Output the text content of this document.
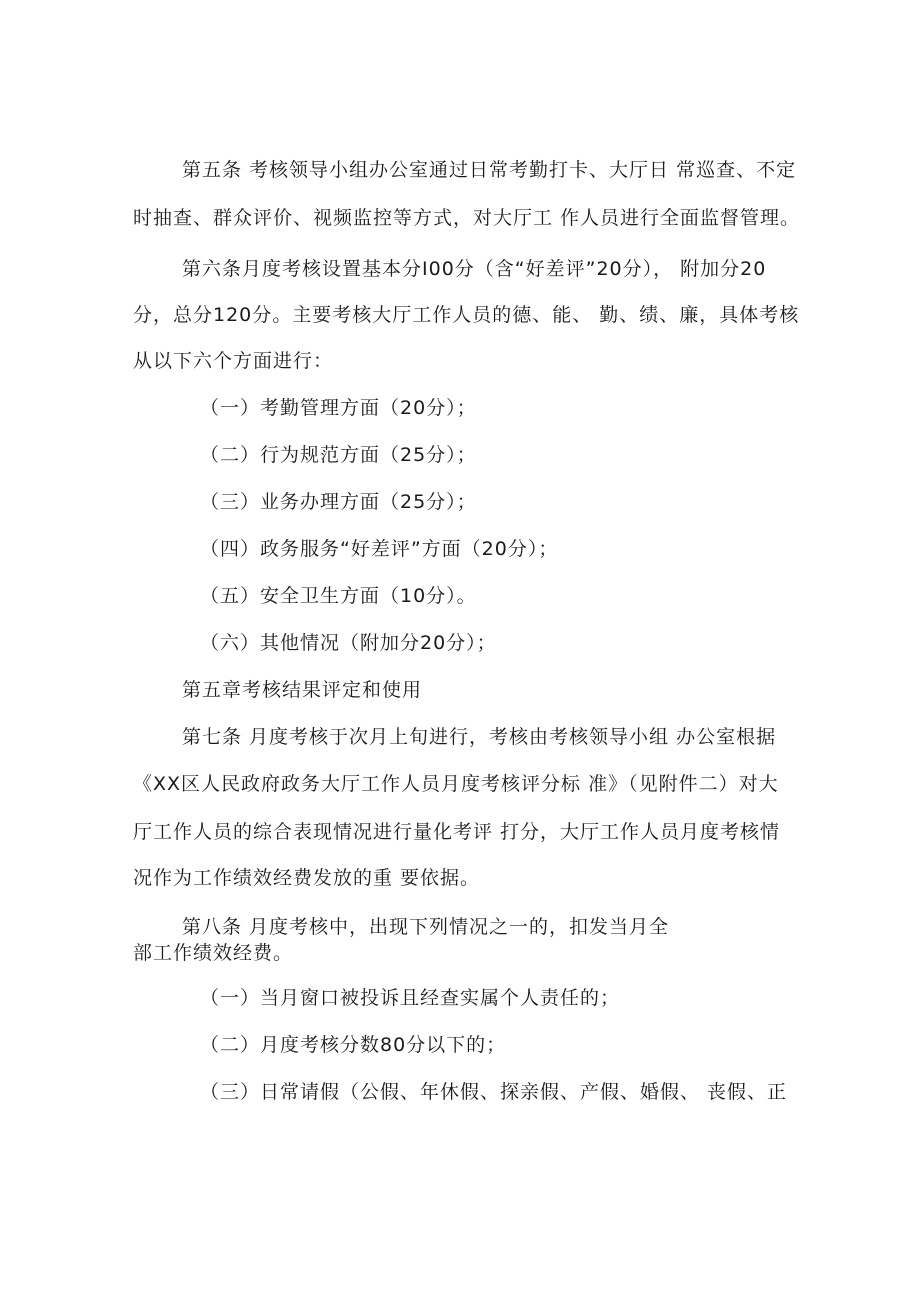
第五条 考核领导小组办公室通过日常考勤打卡、大厅日 常巡查、不定
时抽查、群众评价、视频监控等方式，对大厅工 作人员进行全面监督管理。
第六条月度考核设置基本分I00分（含“好差评”20分）， 附加分20
分，总分120分。主要考核大厅工作人员的德、能、 勤、绩、廉，具体考核
从以下六个方面进行：
（一）考勤管理方面（20分）；
（二）行为规范方面（25分）；
（三）业务办理方面（25分）；
（四）政务服务“好差评”方面（20分）；
（五）安全卫生方面（10分）。
（六）其他情况（附加分20分）；
第五章考核结果评定和使用
第七条 月度考核于次月上旬进行，考核由考核领导小组 办公室根据
《XX区人民政府政务大厅工作人员月度考核评分标 准》（见附件二）对大
厅工作人员的综合表现情况进行量化考评 打分，大厅工作人员月度考核情
况作为工作绩效经费发放的重 要依据。
第八条 月度考核中，出现下列情况之一的，扣发当月全
部工作绩效经费。
（一）当月窗口被投诉且经查实属个人责任的；
（二）月度考核分数80分以下的；
（三）日常请假（公假、年休假、探亲假、产假、婚假、 丧假、正
